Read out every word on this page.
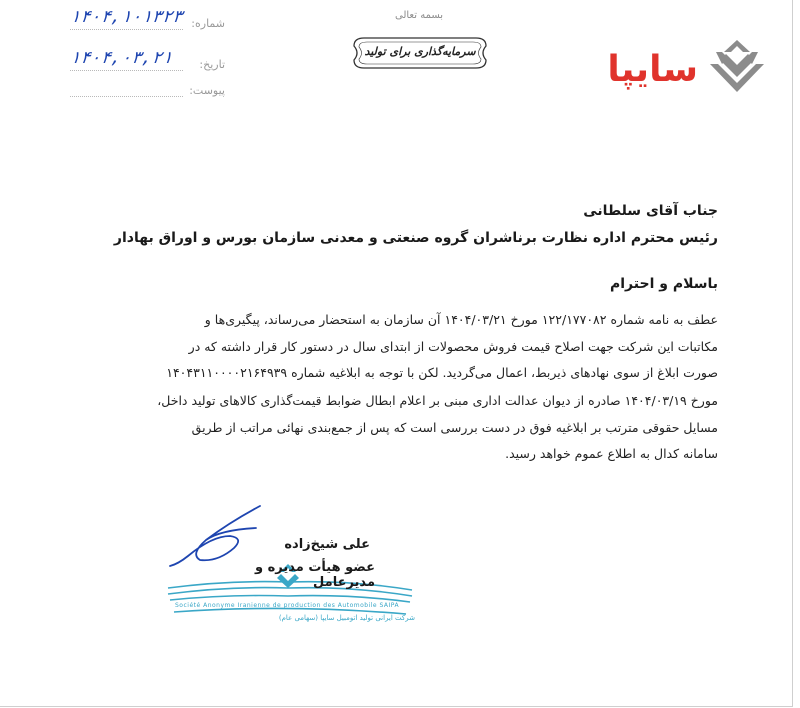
۱۴۰۴,۱۰۱۳۲۳ شماره:
۱۴۰۴,۰۳,۲۱ تاریخ:
پیوست:
بسمه تعالی
سرمایه‌گذاری برای تولید	سایپا
جناب آقای سلطانی
رئیس محترم اداره نظارت برناشران گروه صنعتی و معدنی سازمان بورس و اوراق بهادار
باسلام و احترام
عطف به نامه شماره ۱۲۲/۱۷۷۰۸۲ مورخ ۱۴۰۴/۰۳/۲۱ آن سازمان به استحضار می‌رساند، پیگیری‌ها و
مکاتبات این شرکت جهت اصلاح قیمت فروش محصولات از ابتدای سال در دستور کار قرار داشته که در
صورت ابلاغ از سوی نهادهای ذیربط، اعمال می‌گردید. لکن با توجه به ابلاغیه شماره ۱۴۰۴۳۱۱۰۰۰۰۲۱۶۴۹۳۹
مورخ ۱۴۰۴/۰۳/۱۹ صادره از دیوان عدالت اداری مبنی بر اعلام ابطال ضوابط قیمت‌گذاری کالاهای تولید داخل،
مسایل حقوقی مترتب بر ابلاغیه فوق در دست بررسی است که پس از جمع‌بندی نهائی مراتب از طریق
سامانه کدال به اطلاع عموم خواهد رسید.
Société Anonyme Iranienne de production des Automobile SAIPA
شرکت ایرانی تولید اتومبیل سایپا (سهامی عام)
علی شیخ‌زاده
عضو هیأت مدیره و مدیرعامل
